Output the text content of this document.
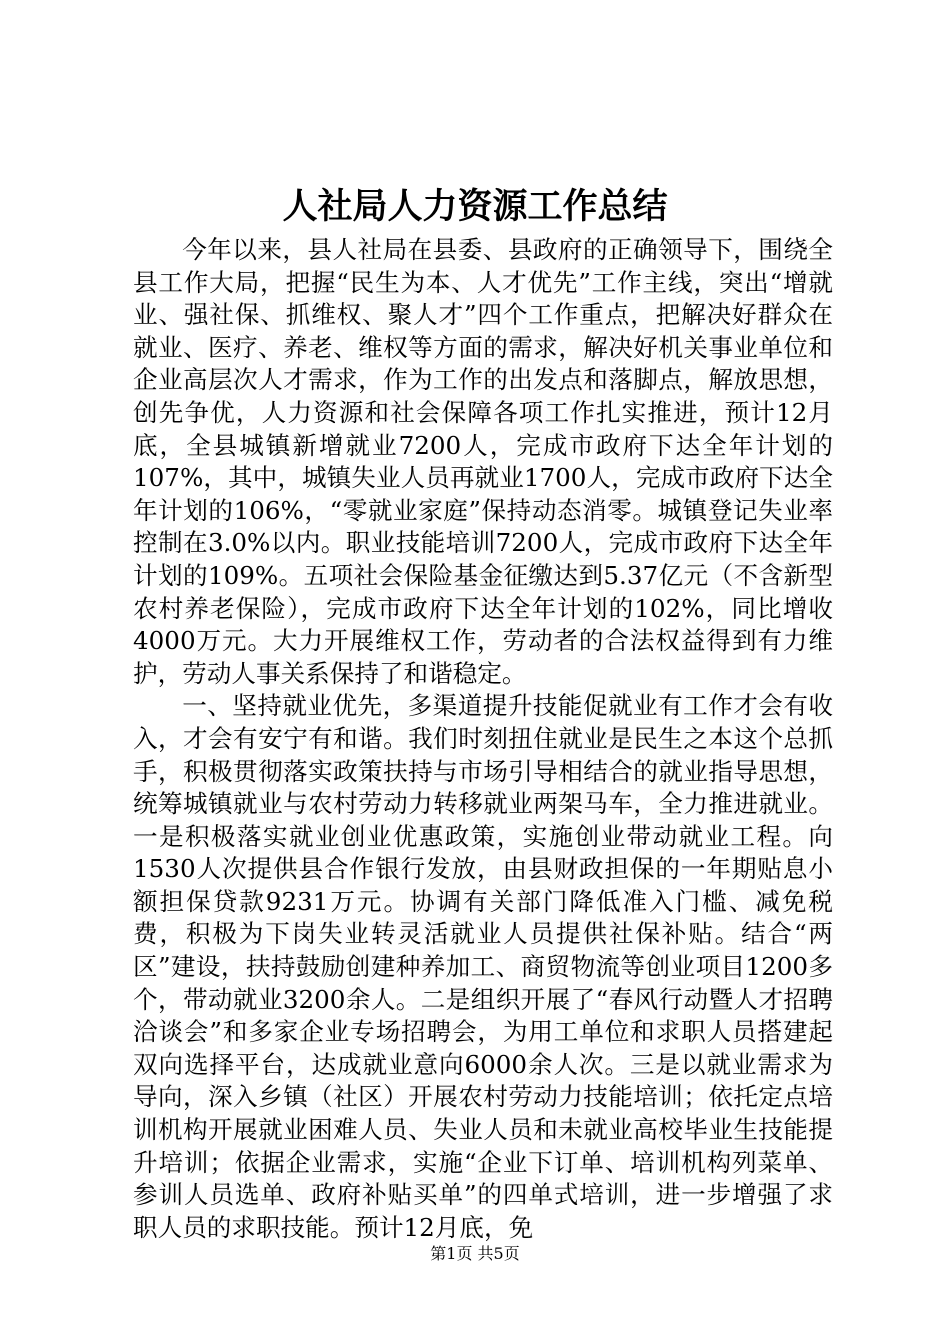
人社局人力资源工作总结

今年以来，县人社局在县委、县政府的正确领导下，围绕全县工作大局，把握“民生为本、人才优先”工作主线，突出“增就业、强社保、抓维权、聚人才”四个工作重点，把解决好群众在就业、医疗、养老、维权等方面的需求，解决好机关事业单位和企业高层次人才需求，作为工作的出发点和落脚点，解放思想，创先争优，人力资源和社会保障各项工作扎实推进，预计12月底，全县城镇新增就业7200人，完成市政府下达全年计划的107%，其中，城镇失业人员再就业1700人，完成市政府下达全年计划的106%，“零就业家庭”保持动态消零。城镇登记失业率控制在3.0%以内。职业技能培训7200人，完成市政府下达全年计划的109%。五项社会保险基金征缴达到5.37亿元（不含新型农村养老保险），完成市政府下达全年计划的102%，同比增收4000万元。大力开展维权工作，劳动者的合法权益得到有力维护，劳动人事关系保持了和谐稳定。

一、坚持就业优先，多渠道提升技能促就业有工作才会有收入，才会有安宁有和谐。我们时刻扭住就业是民生之本这个总抓手，积极贯彻落实政策扶持与市场引导相结合的就业指导思想，统筹城镇就业与农村劳动力转移就业两架马车，全力推进就业。一是积极落实就业创业优惠政策，实施创业带动就业工程。向1530人次提供县合作银行发放，由县财政担保的一年期贴息小额担保贷款9231万元。协调有关部门降低准入门槛、减免税费，积极为下岗失业转灵活就业人员提供社保补贴。结合“两区”建设，扶持鼓励创建种养加工、商贸物流等创业项目1200多个，带动就业3200余人。二是组织开展了“春风行动暨人才招聘洽谈会”和多家企业专场招聘会，为用工单位和求职人员搭建起双向选择平台，达成就业意向6000余人次。三是以就业需求为导向，深入乡镇（社区）开展农村劳动力技能培训；依托定点培训机构开展就业困难人员、失业人员和未就业高校毕业生技能提升培训；依据企业需求，实施“企业下订单、培训机构列菜单、参训人员选单、政府补贴买单”的四单式培训，进一步增强了求职人员的求职技能。预计12月底，免

第1页 共5页
